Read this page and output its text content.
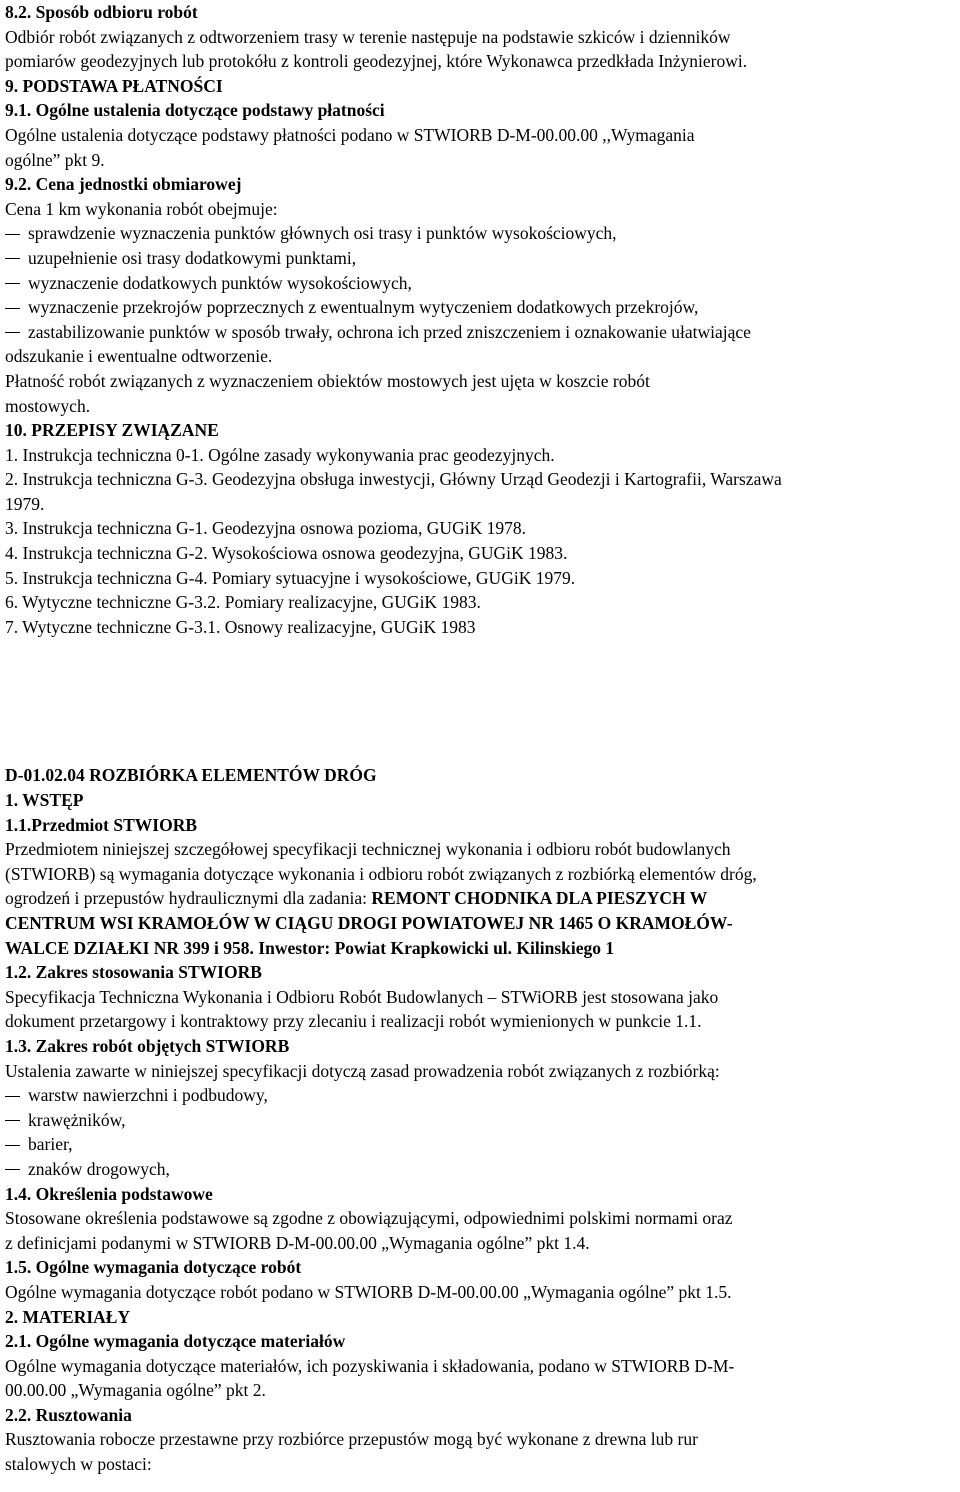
8.2. Sposób odbioru robót
Odbiór robót związanych z odtworzeniem trasy w terenie następuje na podstawie szkiców i dzienników
pomiarów geodezyjnych lub protokółu z kontroli geodezyjnej, które Wykonawca przedkłada Inżynierowi.
9. PODSTAWA PŁATNOŚCI
9.1. Ogólne ustalenia dotyczące podstawy płatności
Ogólne ustalenia dotyczące podstawy płatności podano w STWIORB D-M-00.00.00 ,,Wymagania
ogólne” pkt 9.
9.2. Cena jednostki obmiarowej
Cena 1 km wykonania robót obejmuje:
sprawdzenie wyznaczenia punktów głównych osi trasy i punktów wysokościowych,
uzupełnienie osi trasy dodatkowymi punktami,
wyznaczenie dodatkowych punktów wysokościowych,
wyznaczenie przekrojów poprzecznych z ewentualnym wytyczeniem dodatkowych przekrojów,
zastabilizowanie punktów w sposób trwały, ochrona ich przed zniszczeniem i oznakowanie ułatwiające
odszukanie i ewentualne odtworzenie.
Płatność robót związanych z wyznaczeniem obiektów mostowych jest ujęta w koszcie robót
mostowych.
10. PRZEPISY ZWIĄZANE
1. Instrukcja techniczna 0-1. Ogólne zasady wykonywania prac geodezyjnych.
2. Instrukcja techniczna G-3. Geodezyjna obsługa inwestycji, Główny Urząd Geodezji i Kartografii, Warszawa
1979.
3. Instrukcja techniczna G-1. Geodezyjna osnowa pozioma, GUGiK 1978.
4. Instrukcja techniczna G-2. Wysokościowa osnowa geodezyjna, GUGiK 1983.
5. Instrukcja techniczna G-4. Pomiary sytuacyjne i wysokościowe, GUGiK 1979.
6. Wytyczne techniczne G-3.2. Pomiary realizacyjne, GUGiK 1983.
7. Wytyczne techniczne G-3.1. Osnowy realizacyjne, GUGiK 1983
D-01.02.04 ROZBIÓRKA ELEMENTÓW DRÓG
1. WSTĘP
1.1.Przedmiot STWIORB
Przedmiotem niniejszej szczegółowej specyfikacji technicznej wykonania i odbioru robót budowlanych
(STWIORB) są wymagania dotyczące wykonania i odbioru robót związanych z rozbiórką elementów dróg,
ogrodzeń i przepustów hydraulicznymi dla zadania: REMONT CHODNIKA DLA PIESZYCH W
CENTRUM WSI KRAMOŁÓW W CIĄGU DROGI POWIATOWEJ NR 1465 O KRAMOŁÓW-
WALCE DZIAŁKI NR 399 i 958. Inwestor: Powiat Krapkowicki ul. Kilinskiego 1
1.2. Zakres stosowania STWIORB
Specyfikacja Techniczna Wykonania i Odbioru Robót Budowlanych – STWiORB jest stosowana jako
dokument przetargowy i kontraktowy przy zlecaniu i realizacji robót wymienionych w punkcie 1.1.
1.3. Zakres robót objętych STWIORB
Ustalenia zawarte w niniejszej specyfikacji dotyczą zasad prowadzenia robót związanych z rozbiórką:
warstw nawierzchni i podbudowy,
krawężników,
barier,
znaków drogowych,
1.4. Określenia podstawowe
Stosowane określenia podstawowe są zgodne z obowiązującymi, odpowiednimi polskimi normami oraz
z definicjami podanymi w STWIORB D-M-00.00.00 „Wymagania ogólne” pkt 1.4.
1.5. Ogólne wymagania dotyczące robót
Ogólne wymagania dotyczące robót podano w STWIORB D-M-00.00.00 „Wymagania ogólne” pkt 1.5.
2. MATERIAŁY
2.1. Ogólne wymagania dotyczące materiałów
Ogólne wymagania dotyczące materiałów, ich pozyskiwania i składowania, podano w STWIORB D-M-
00.00.00 „Wymagania ogólne” pkt 2.
2.2. Rusztowania
Rusztowania robocze przestawne przy rozbiórce przepustów mogą być wykonane z drewna lub rur
stalowych w postaci:
